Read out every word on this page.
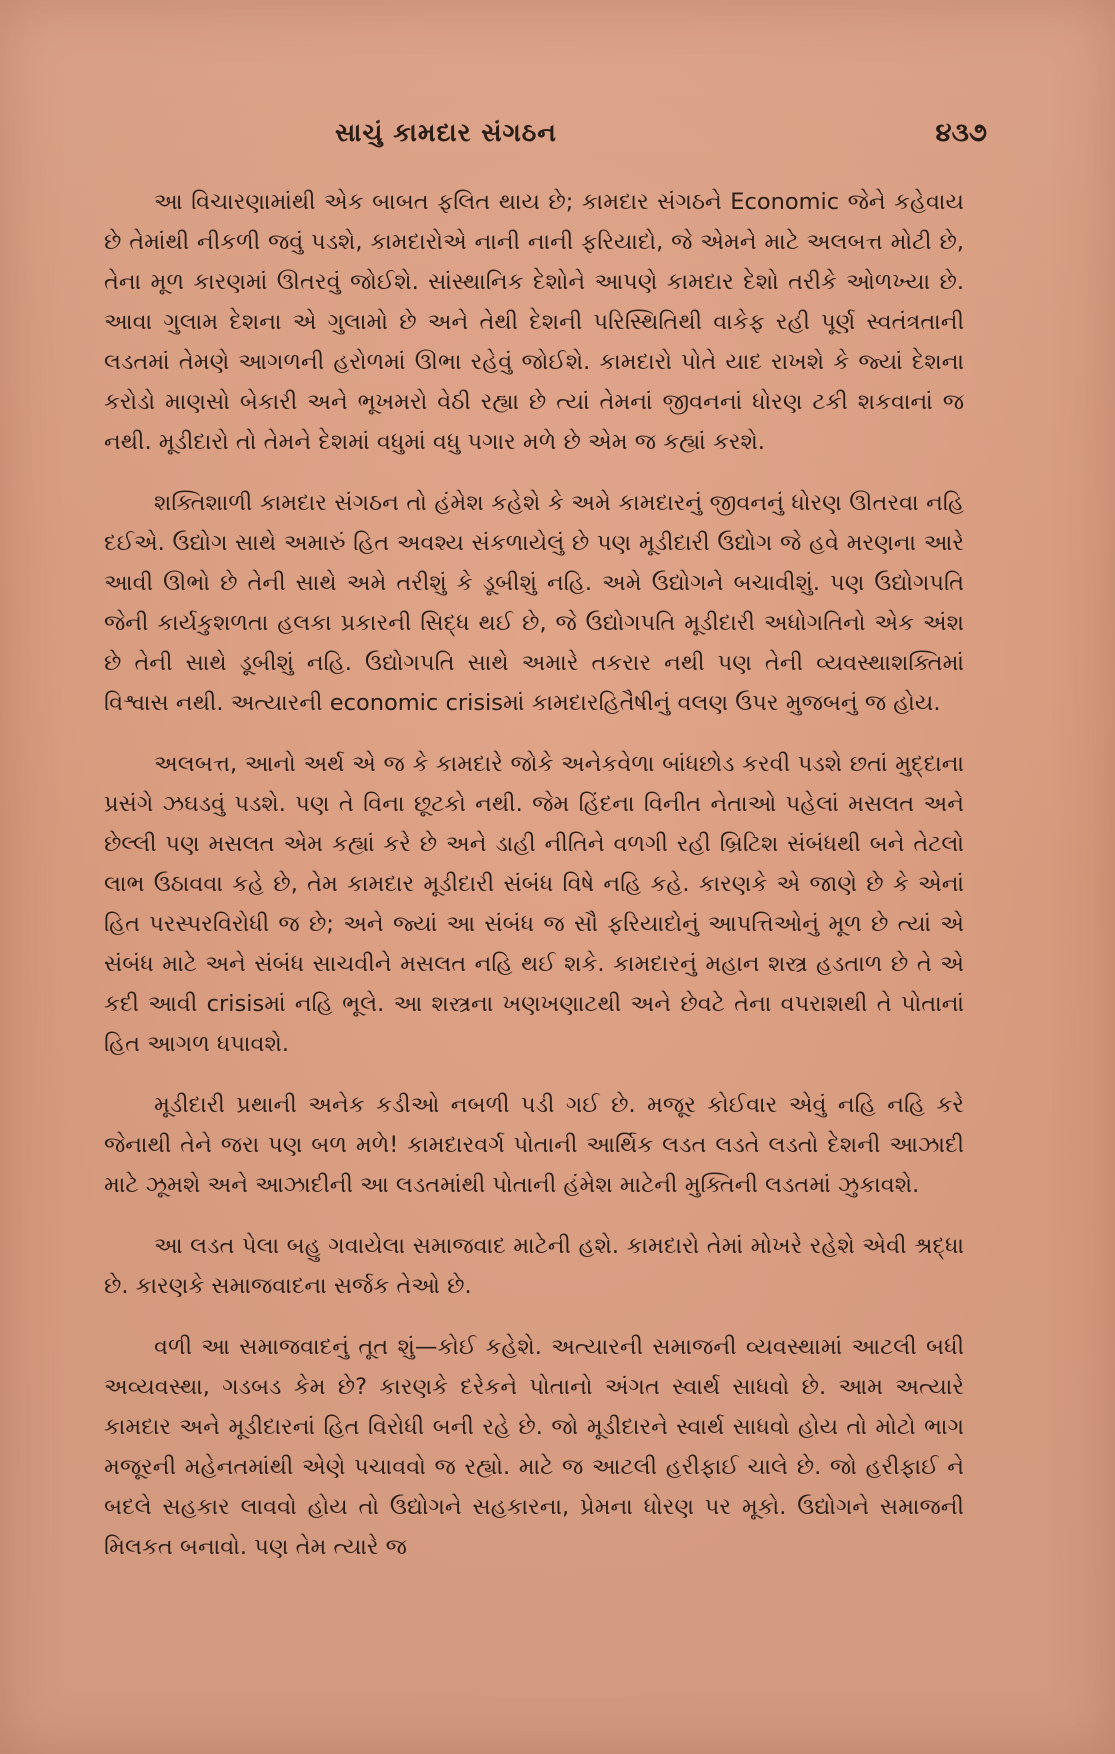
સાચું કામદાર સંગઠન	૪૩૭

આ વિચારણામાંથી એક બાબત ફલિત થાય છે; કામદાર સંગઠને Economic જેને કહેવાય છે તેમાંથી નીકળી જવું પડશે, કામદારોએ નાની નાની ફરિયાદો, જે એમને માટે અલબત્ત મોટી છે, તેના મૂળ કારણમાં ઊતરવું જોઈશે. સાંસ્થાનિક દેશોને આપણે કામદાર દેશો તરીકે ઓળખ્યા છે. આવા ગુલામ દેશના એ ગુલામો છે અને તેથી દેશની પરિસ્થિતિથી વાકેફ રહી પૂર્ણ સ્વતંત્રતાની લડતમાં તેમણે આગળની હરોળમાં ઊભા રહેવું જોઈશે. કામદારો પોતે યાદ રાખશે કે જ્યાં દેશના કરોડો માણસો બેકારી અને ભૂખમરો વેઠી રહ્યા છે ત્યાં તેમનાં જીવનનાં ધોરણ ટકી શકવાનાં જ નથી. મૂડીદારો તો તેમને દેશમાં વધુમાં વધુ પગાર મળે છે એમ જ કહ્યાં કરશે.

શક્તિશાળી કામદાર સંગઠન તો હંમેશ કહેશે કે અમે કામદારનું જીવનનું ધોરણ ઊતરવા નહિ દઈએ. ઉદ્યોગ સાથે અમારું હિત અવશ્ય સંકળાયેલું છે પણ મૂડીદારી ઉદ્યોગ જે હવે મરણના આરે આવી ઊભો છે તેની સાથે અમે તરીશું કે ડૂબીશું નહિ. અમે ઉદ્યોગને બચાવીશું. પણ ઉદ્યોગપતિ જેની કાર્યકુશળતા હલકા પ્રકારની સિદ્ધ થઈ છે, જે ઉદ્યોગપતિ મૂડીદારી અધોગતિનો એક અંશ છે તેની સાથે ડૂબીશું નહિ. ઉદ્યોગપતિ સાથે અમારે તકરાર નથી પણ તેની વ્યવસ્થાશક્તિમાં વિશ્વાસ નથી. અત્યારની economic crisisમાં કામદારહિતૈષીનું વલણ ઉપર મુજબનું જ હોય.

અલબત્ત, આનો અર્થ એ જ કે કામદારે જોકે અનેકવેળા બાંધછોડ કરવી પડશે છતાં મુદ્દાના પ્રસંગે ઝઘડવું પડશે. પણ તે વિના છૂટકો નથી. જેમ હિંદના વિનીત નેતાઓ પહેલાં મસલત અને છેલ્લી પણ મસલત એમ કહ્યાં કરે છે અને ડાહી નીતિને વળગી રહી બ્રિટિશ સંબંધથી બને તેટલો લાભ ઉઠાવવા કહે છે, તેમ કામદાર મૂડીદારી સંબંધ વિષે નહિ કહે. કારણકે એ જાણે છે કે એનાં હિત પરસ્પરવિરોધી જ છે; અને જ્યાં આ સંબંધ જ સૌ ફરિયાદોનું આપત્તિઓનું મૂળ છે ત્યાં એ સંબંધ માટે અને સંબંધ સાચવીને મસલત નહિ થઈ શકે. કામદારનું મહાન શસ્ત્ર હડતાળ છે તે એ કદી આવી crisisમાં નહિ ભૂલે. આ શસ્ત્રના ખણખણાટથી અને છેવટે તેના વપરાશથી તે પોતાનાં હિત આગળ ધપાવશે.

મૂડીદારી પ્રથાની અનેક કડીઓ નબળી પડી ગઈ છે. મજૂર કોઈવાર એવું નહિ નહિ કરે જેનાથી તેને જરા પણ બળ મળે! કામદારવર્ગ પોતાની આર્થિક લડત લડતે લડતો દેશની આઝાદી માટે ઝૂમશે અને આઝાદીની આ લડતમાંથી પોતાની હંમેશ માટેની મુક્તિની લડતમાં ઝુકાવશે.

આ લડત પેલા બહુ ગવાયેલા સમાજવાદ માટેની હશે. કામદારો તેમાં મોખરે રહેશે એવી શ્રદ્ધા છે. કારણકે સમાજવાદના સર્જક તેઓ છે.

વળી આ સમાજવાદનું તૂત શું—કોઈ કહેશે. અત્યારની સમાજની વ્યવસ્થામાં આટલી બધી અવ્યવસ્થા, ગડબડ કેમ છે? કારણકે દરેકને પોતાનો અંગત સ્વાર્થ સાધવો છે. આમ અત્યારે કામદાર અને મૂડીદારનાં હિત વિરોધી બની રહે છે. જો મૂડીદારને સ્વાર્થ સાધવો હોય તો મોટો ભાગ મજૂરની મહેનતમાંથી એણે પચાવવો જ રહ્યો. માટે જ આટલી હરીફાઈ ચાલે છે. જો હરીફાઈ ને બદલે સહકાર લાવવો હોય તો ઉદ્યોગને સહકારના, પ્રેમના ધોરણ પર મૂકો. ઉદ્યોગને સમાજની મિલકત બનાવો. પણ તેમ ત્યારે જ
